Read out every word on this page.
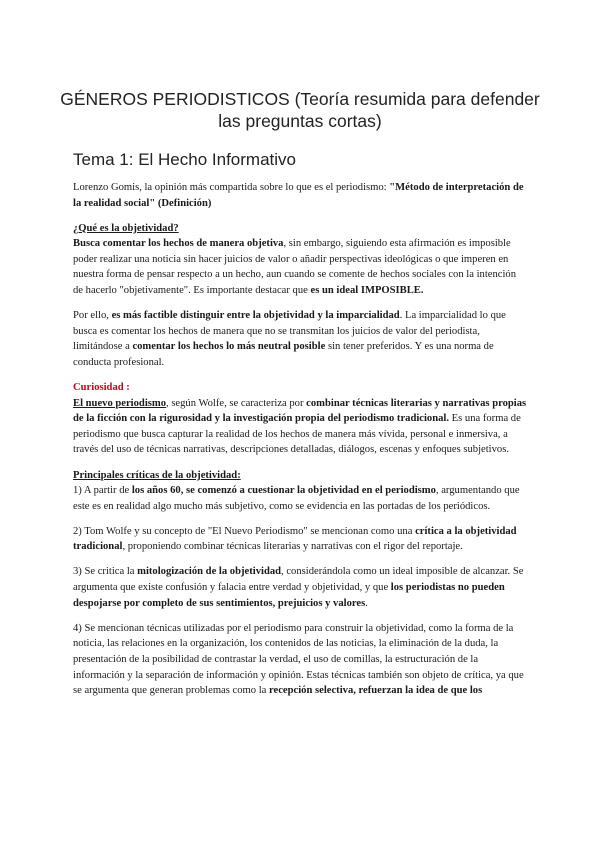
GÉNEROS PERIODISTICOS (Teoría resumida para defender las preguntas cortas)
Tema 1: El Hecho Informativo

Lorenzo Gomis, la opinión más compartida sobre lo que es el periodismo: "Método de interpretación de la realidad social" (Definición)

¿Qué es la objetividad?
Busca comentar los hechos de manera objetiva, sin embargo, siguiendo esta afirmación es imposible poder realizar una noticia sin hacer juicios de valor o añadir perspectivas ideológicas o que imperen en nuestra forma de pensar respecto a un hecho, aun cuando se comente de hechos sociales con la intención de hacerlo "objetivamente". Es importante destacar que es un ideal IMPOSIBLE.

Por ello, es más factible distinguir entre la objetividad y la imparcialidad. La imparcialidad lo que busca es comentar los hechos de manera que no se transmitan los juicios de valor del periodista, limitándose a comentar los hechos lo más neutral posible sin tener preferidos. Y es una norma de conducta profesional.

Curiosidad :
El nuevo periodismo, según Wolfe, se caracteriza por combinar técnicas literarias y narrativas propias de la ficción con la rigurosidad y la investigación propia del periodismo tradicional. Es una forma de periodismo que busca capturar la realidad de los hechos de manera más vívida, personal e inmersiva, a través del uso de técnicas narrativas, descripciones detalladas, diálogos, escenas y enfoques subjetivos.

Principales críticas de la objetividad:
1) A partir de los años 60, se comenzó a cuestionar la objetividad en el periodismo, argumentando que este es en realidad algo mucho más subjetivo, como se evidencia en las portadas de los periódicos.

2) Tom Wolfe y su concepto de "El Nuevo Periodismo" se mencionan como una crítica a la objetividad tradicional, proponiendo combinar técnicas literarias y narrativas con el rigor del reportaje.

3) Se critica la mitologización de la objetividad, considerándola como un ideal imposible de alcanzar. Se argumenta que existe confusión y falacia entre verdad y objetividad, y que los periodistas no pueden despojarse por completo de sus sentimientos, prejuicios y valores.

4) Se mencionan técnicas utilizadas por el periodismo para construir la objetividad, como la forma de la noticia, las relaciones en la organización, los contenidos de las noticias, la eliminación de la duda, la presentación de la posibilidad de contrastar la verdad, el uso de comillas, la estructuración de la información y la separación de información y opinión. Estas técnicas también son objeto de crítica, ya que se argumenta que generan problemas como la recepción selectiva, refuerzan la idea de que los
